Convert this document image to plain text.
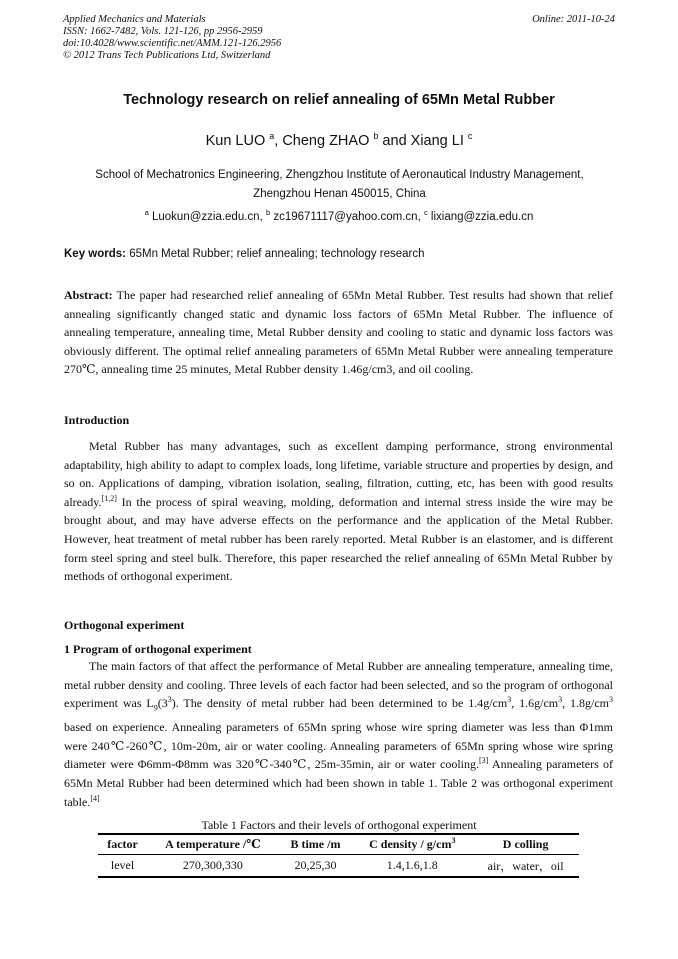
Applied Mechanics and Materials
ISSN: 1662-7482, Vols. 121-126, pp 2956-2959
doi:10.4028/www.scientific.net/AMM.121-126.2956
© 2012 Trans Tech Publications Ltd, Switzerland
Online: 2011-10-24
Technology research on relief annealing of 65Mn Metal Rubber
Kun LUO $^a$, Cheng ZHAO $^b$ and Xiang LI $^c$
School of Mechatronics Engineering, Zhengzhou Institute of Aeronautical Industry Management,
Zhengzhou Henan 450015, China
$^a$ Luokun@zzia.edu.cn, $^b$ zc19671117@yahoo.com.cn, $^c$ lixiang@zzia.edu.cn
Key words: 65Mn Metal Rubber; relief annealing; technology research

Abstract: The paper had researched relief annealing of 65Mn Metal Rubber. Test results had shown that relief annealing significantly changed static and dynamic loss factors of 65Mn Metal Rubber. The influence of annealing temperature, annealing time, Metal Rubber density and cooling to static and dynamic loss factors was obviously different. The optimal relief annealing parameters of 65Mn Metal Rubber were annealing temperature 270℃, annealing time 25 minutes, Metal Rubber density 1.46g/cm3, and oil cooling.

Introduction

Metal Rubber has many advantages, such as excellent damping performance, strong environmental adaptability, high ability to adapt to complex loads, long lifetime, variable structure and properties by design, and so on. Applications of damping, vibration isolation, sealing, filtration, cutting, etc, has been with good results already.[1,2] In the process of spiral weaving, molding, deformation and internal stress inside the wire may be brought about, and may have adverse effects on the performance and the application of the Metal Rubber. However, heat treatment of metal rubber has been rarely reported. Metal Rubber is an elastomer, and is different form steel spring and steel bulk. Therefore, this paper researched the relief annealing of 65Mn Metal Rubber by methods of orthogonal experiment.

Orthogonal experiment
1 Program of orthogonal experiment

The main factors of that affect the performance of Metal Rubber are annealing temperature, annealing time, metal rubber density and cooling. Three levels of each factor had been selected, and so the program of orthogonal experiment was $L_9(3^3)$. The density of metal rubber had been determined to be $1.4g/cm^3$, $1.6g/cm^3$, $1.8g/cm^3$ based on experience. Annealing parameters of 65Mn spring whose wire spring diameter was less than Φ1mm were 240℃-260℃, 10m-20m, air or water cooling. Annealing parameters of 65Mn spring whose wire spring diameter were Φ6mm-Φ8mm was 320℃-340℃, 25m-35min, air or water cooling.[3] Annealing parameters of 65Mn Metal Rubber had been determined which had been shown in table 1. Table 2 was orthogonal experiment table.[4]

Table 1 Factors and their levels of orthogonal experiment
factor	A temperature /℃	B time /m	C density / $g/cm^3$	D colling
level	270,300,330	20,25,30	1.4,1.6,1.8	air，water，oil
